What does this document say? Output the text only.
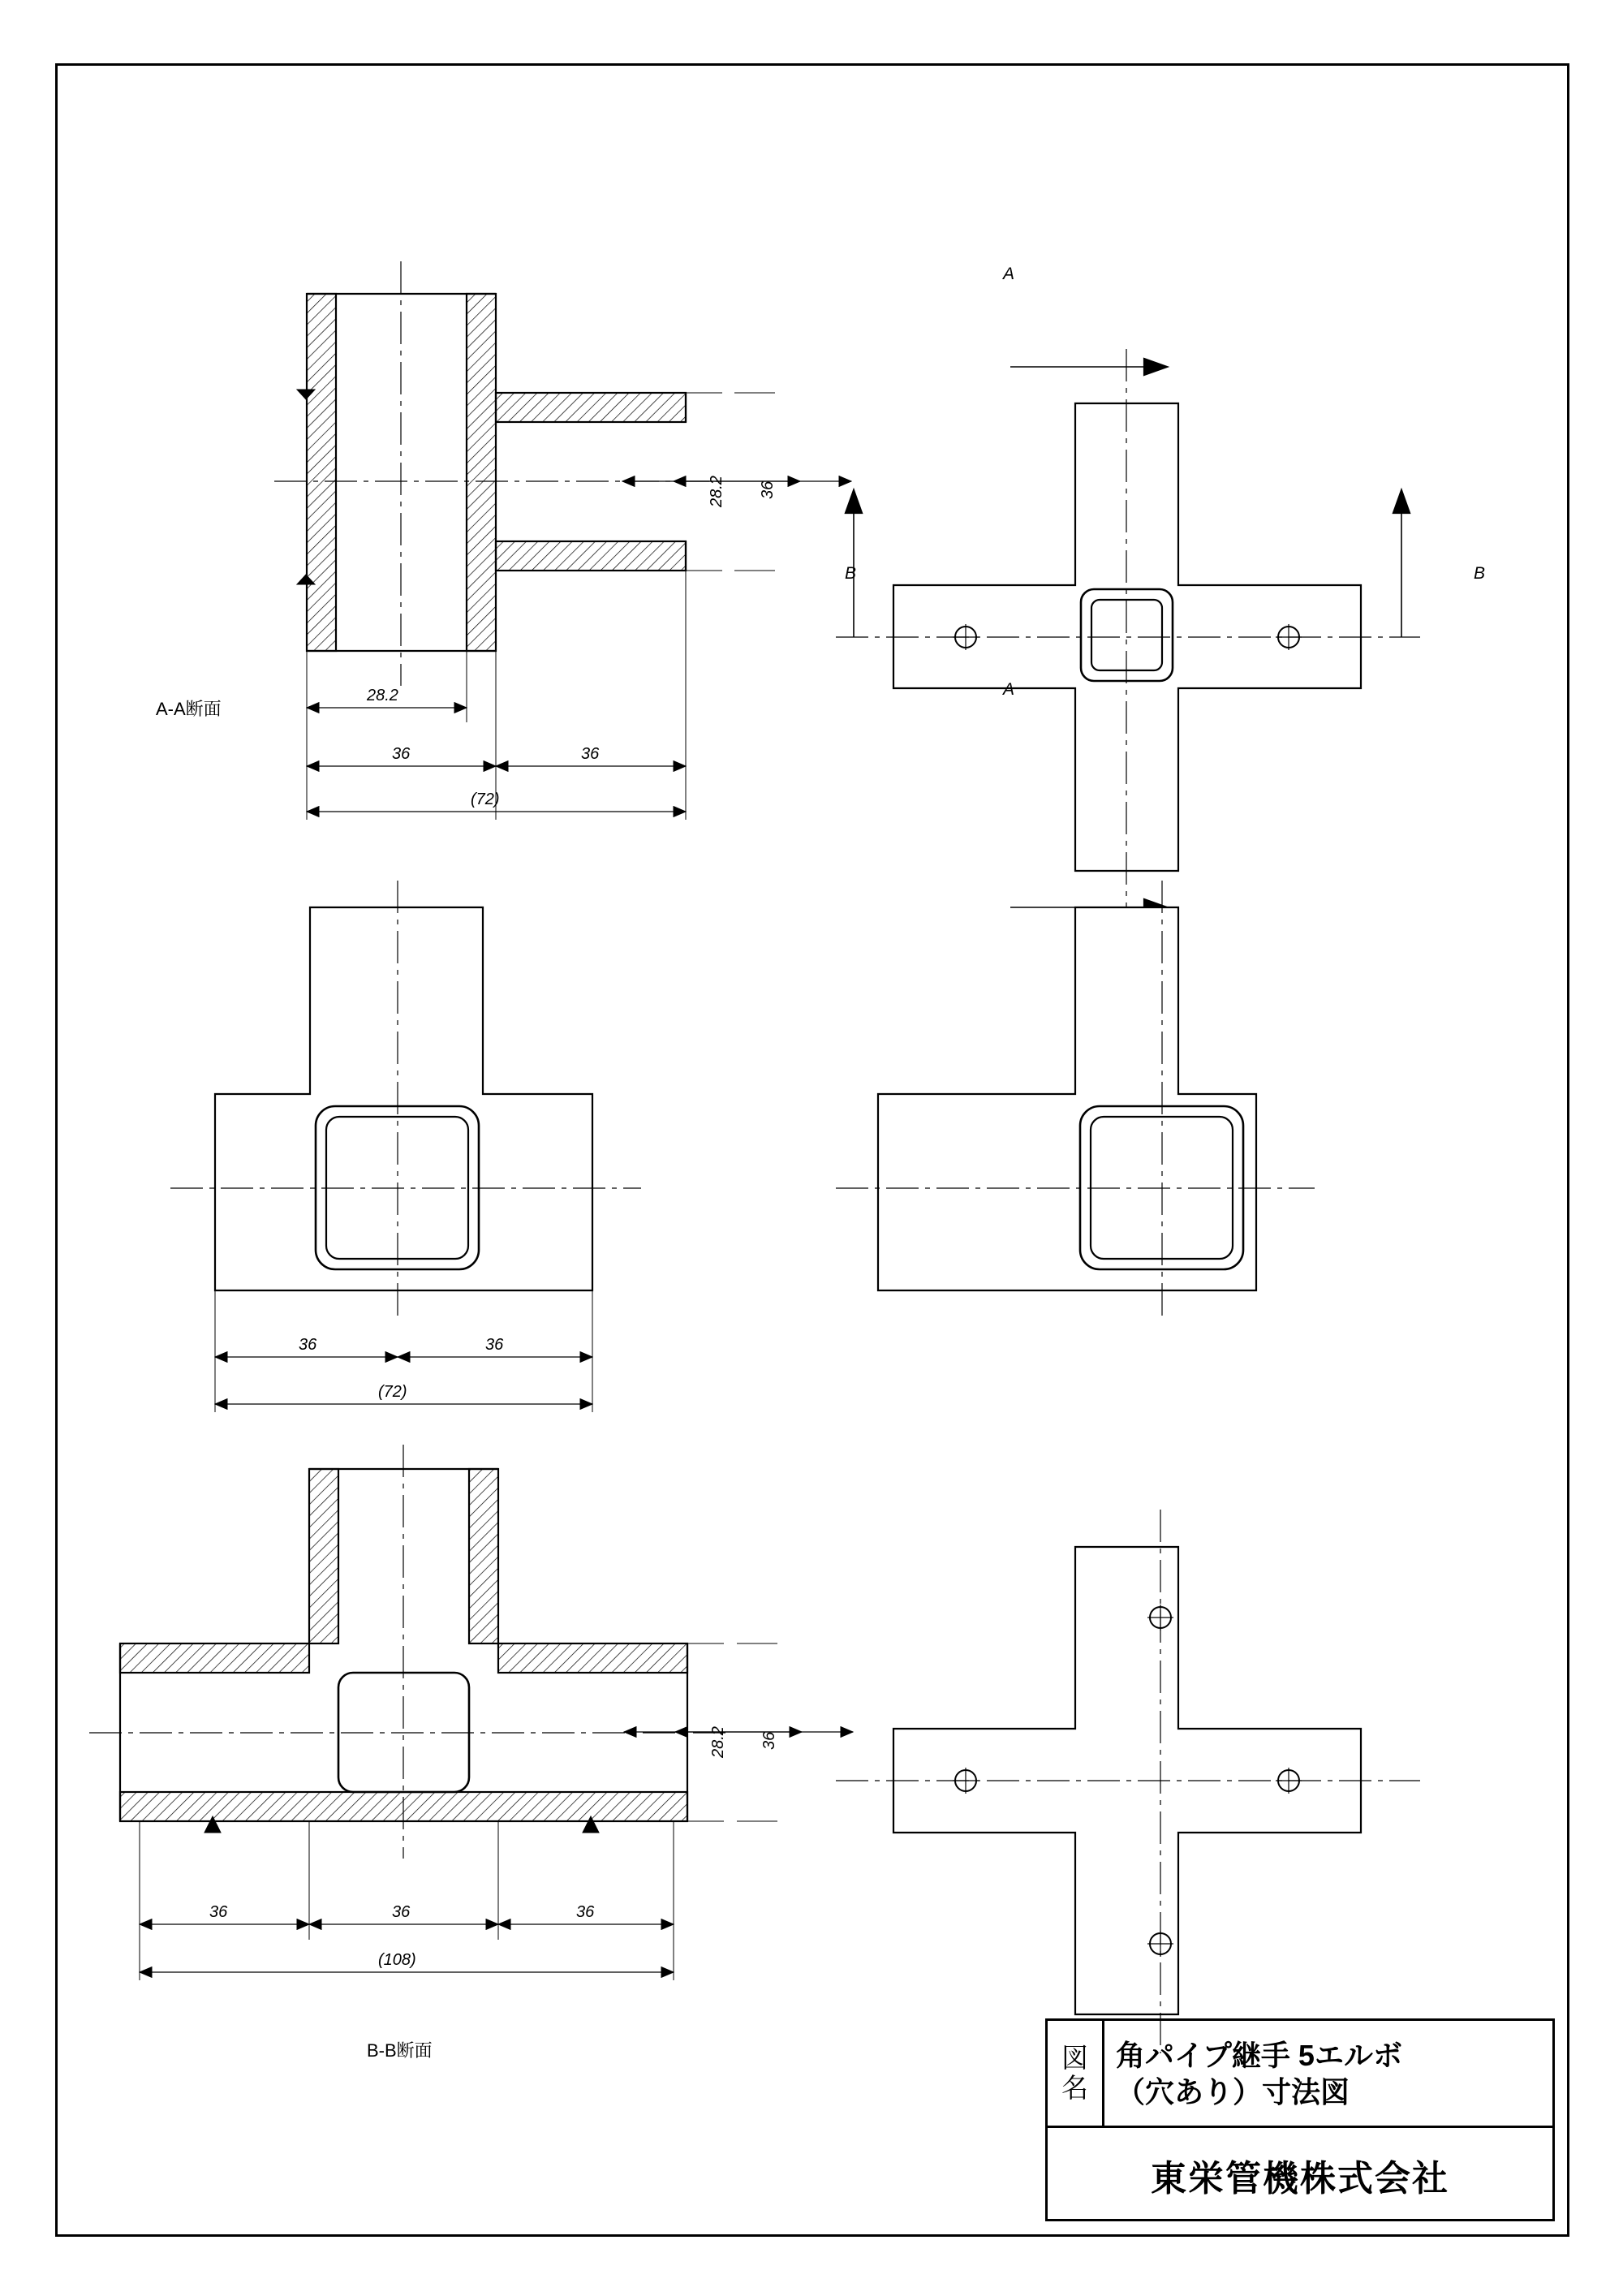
A-A断面
28.2 36
28.2
36	36
(72)
A
A
B	B
36	36
(72)
28.2 36
36	36	36
(108)
B-B断面	図
名
角パイプ継手 5エルボ
（穴あり）寸法図
東栄管機株式会社
